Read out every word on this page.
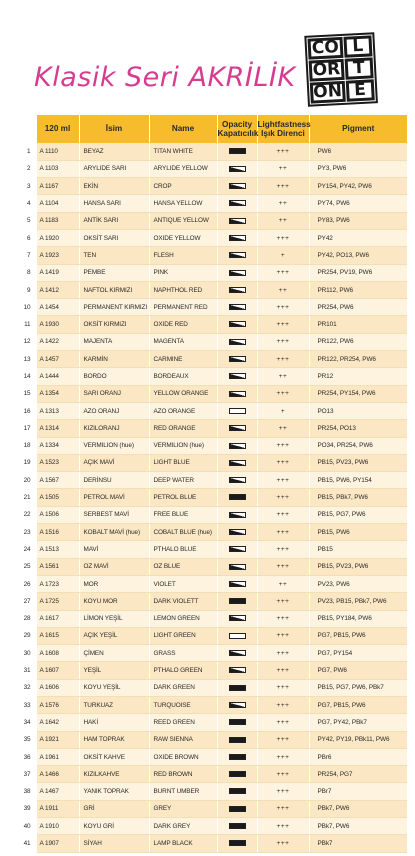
Klasik Seri AKRİLİK
CO L
OR T
ON E
	120 ml	İsim	Name	Opacity Kapatıcılık	Lightfastness Işık Direnci	Pigment
1	A 1110	BEYAZ	TITAN WHITE		+++	PW6
2	A 1103	ARYLIDE SARI	ARYLIDE YELLOW		++	PY3, PW6
3	A 1167	EKİN	CROP		+++	PY154, PY42, PW6
4	A 1104	HANSA SARI	HANSA YELLOW		++	PY74, PW6
5	A 1183	ANTİK SARI	ANTIQUE YELLOW		++	PY83, PW6
6	A 1920	OKSİT SARI	OXIDE YELLOW		+++	PY42
7	A 1923	TEN	FLESH		+	PY42, PO13, PW6
8	A 1419	PEMBE	PINK		+++	PR254, PV19, PW6
9	A 1412	NAFTOL KIRMIZI	NAPHTHOL RED		++	PR112, PW6
10	A 1454	PERMANENT KIRMIZI	PERMANENT RED		+++	PR254, PW6
11	A 1930	OKSİT KIRMIZI	OXIDE RED		+++	PR101
12	A 1422	MAJENTA	MAGENTA		+++	PR122, PW6
13	A 1457	KARMİN	CARMINE		+++	PR122, PR254, PW6
14	A 1444	BORDO	BORDEAUX		++	PR12
15	A 1354	SARI ORANJ	YELLOW ORANGE		+++	PR254, PY154, PW6
16	A 1313	AZO ORANJ	AZO ORANGE		+	PO13
17	A 1314	KIZILORANJ	RED ORANGE		++	PR254, PO13
18	A 1334	VERMILION (hue)	VERMILION (hue)		+++	PO34, PR254, PW6
19	A 1523	AÇIK MAVİ	LIGHT BLUE		+++	PB15, PV23, PW6
20	A 1567	DERİNSU	DEEP WATER		+++	PB15, PW6, PY154
21	A 1505	PETROL MAVİ	PETROL BLUE		+++	PB15, PBk7, PW6
22	A 1506	SERBEST MAVİ	FREE BLUE		+++	PB15, PG7, PW6
23	A 1516	KOBALT MAVİ (hue)	COBALT BLUE (hue)		+++	PB15, PW6
24	A 1513	MAVİ	PTHALO BLUE		+++	PB15
25	A 1561	OZ MAVİ	OZ BLUE		+++	PB15, PV23, PW6
26	A 1723	MOR	VIOLET		++	PV23, PW6
27	A 1725	KOYU MOR	DARK VIOLETT		+++	PV23, PB15, PBk7, PW6
28	A 1617	LİMON YEŞİL	LEMON GREEN		+++	PB15, PY184, PW6
29	A 1615	AÇIK YEŞİL	LIGHT GREEN		+++	PG7, PB15, PW6
30	A 1608	ÇİMEN	GRASS		+++	PG7, PY154
31	A 1607	YEŞİL	PTHALO GREEN		+++	PG7, PW6
32	A 1606	KOYU YEŞİL	DARK GREEN		+++	PB15, PG7, PW6, PBk7
33	A 1576	TURKUAZ	TURQUOISE		+++	PG7, PB15, PW6
34	A 1642	HAKİ	REED GREEN		+++	PG7, PY42, PBk7
35	A 1921	HAM TOPRAK	RAW SIENNA		+++	PY42, PY19, PBk11, PW6
36	A 1961	OKSİT KAHVE	OXIDE BROWN		+++	PBr6
37	A 1466	KIZILKAHVE	RED BROWN		+++	PR254, PG7
38	A 1467	YANIK TOPRAK	BURNT UMBER		+++	PBr7
39	A 1911	GRİ	GREY		+++	PBk7, PW6
40	A 1910	KOYU GRİ	DARK GREY		+++	PBk7, PW6
41	A 1907	SİYAH	LAMP BLACK		+++	PBk7
